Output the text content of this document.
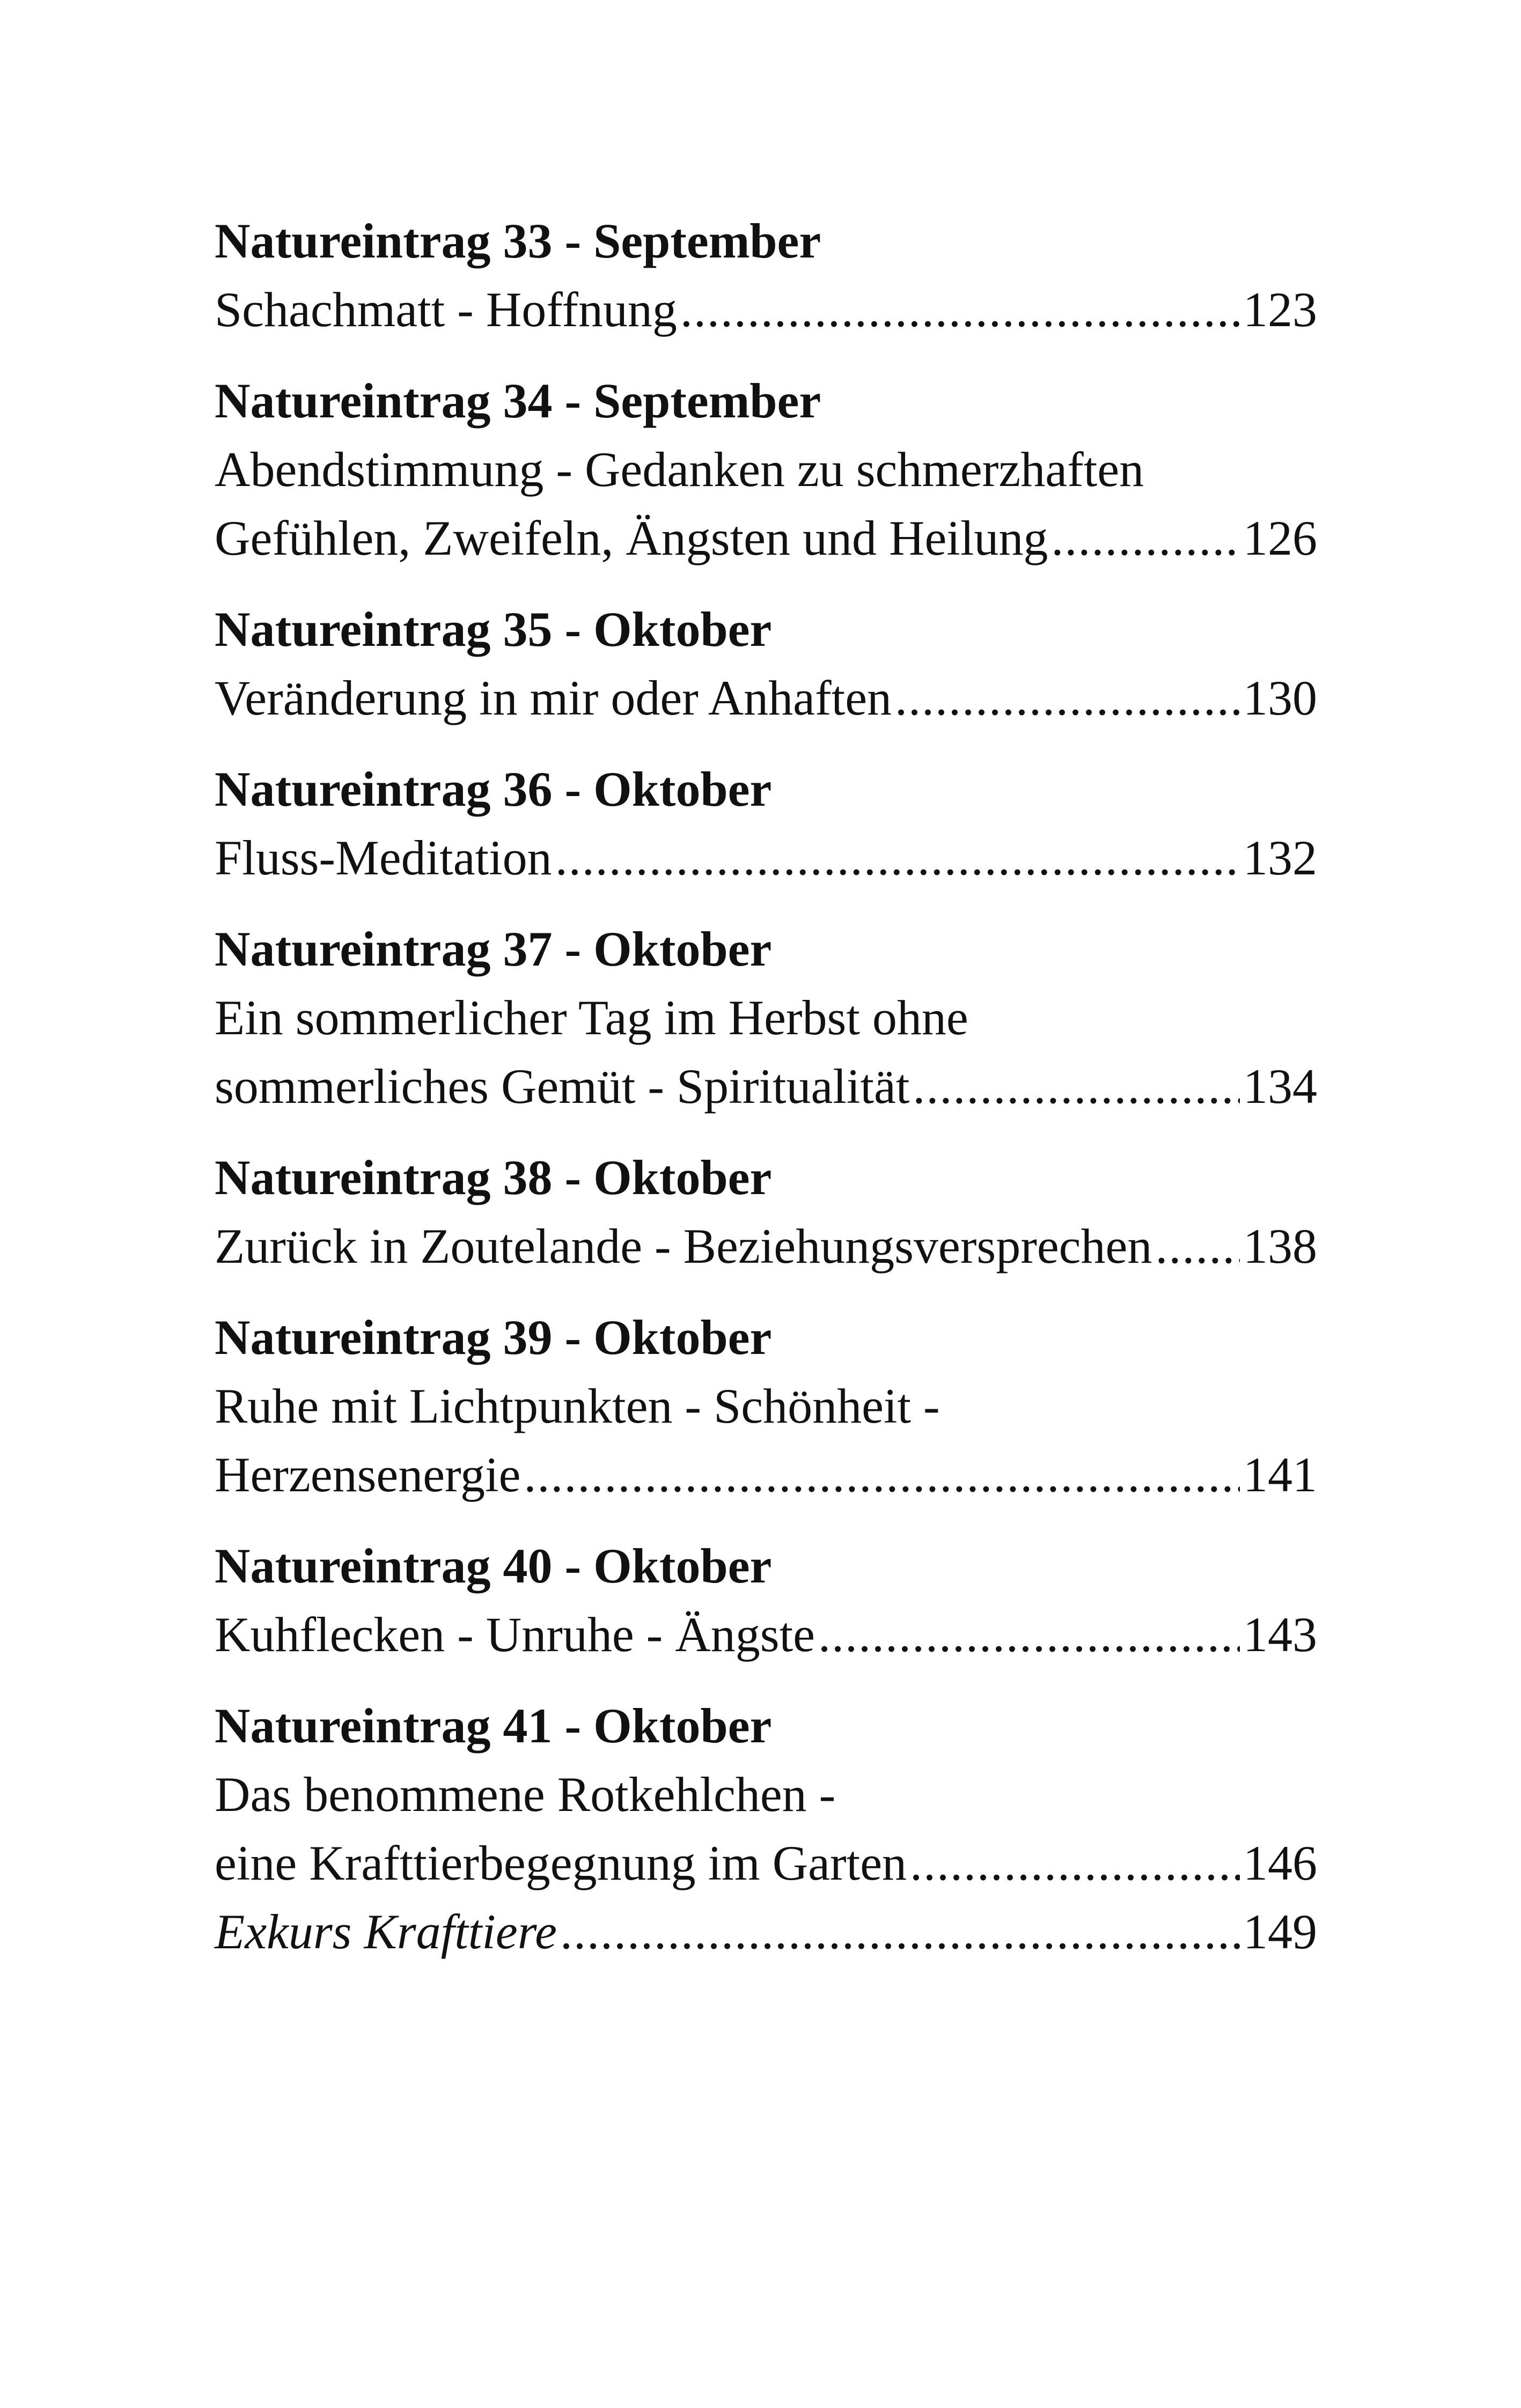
Natureintrag 33 - September
Schachmatt - Hoffnung .....	123
Natureintrag 34 - September
Abendstimmung - Gedanken zu schmerzhaften
Gefühlen, Zweifeln, Ängsten und Heilung .....	126
Natureintrag 35 - Oktober
Veränderung in mir oder Anhaften .....	130
Natureintrag 36 - Oktober
Fluss-Meditation .....	132
Natureintrag 37 - Oktober
Ein sommerlicher Tag im Herbst ohne
sommerliches Gemüt - Spiritualität .....	134
Natureintrag 38 - Oktober
Zurück in Zoutelande - Beziehungsversprechen ..... 138
Natureintrag 39 - Oktober
Ruhe mit Lichtpunkten - Schönheit -
Herzensenergie .....	141
Natureintrag 40 - Oktober
Kuhflecken - Unruhe - Ängste .....	143
Natureintrag 41 - Oktober
Das benommene Rotkehlchen -
eine Krafttierbegegnung im Garten .....	146
Exkurs Krafttiere .....	149
